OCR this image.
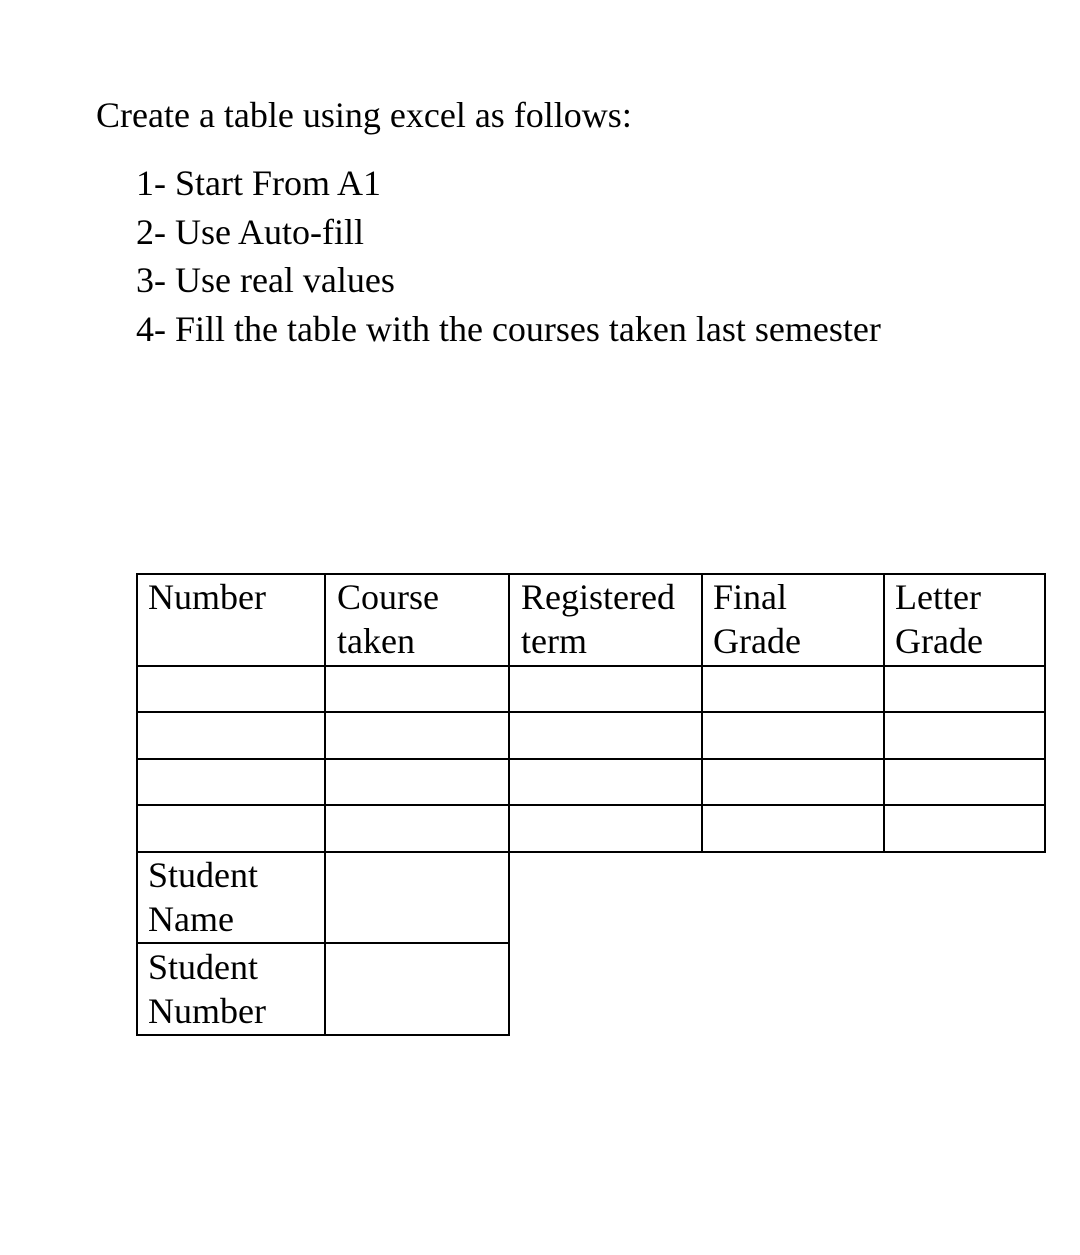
Create a table using excel as follows:
1- Start From A1
2- Use Auto-fill
3- Use real values
4- Fill the table with the courses taken last semester
Number Course
taken
Registered
term
Final
Grade
Letter
Grade
Student
Name
Student
Number
